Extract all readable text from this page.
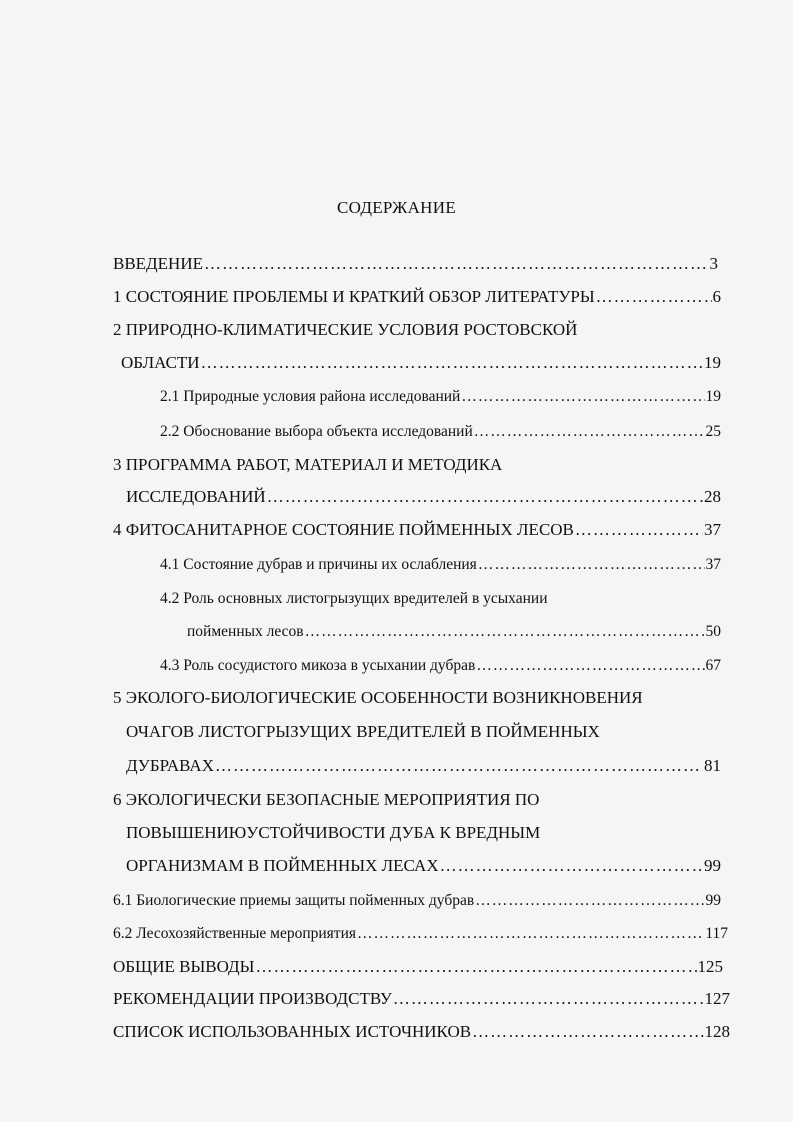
СОДЕРЖАНИЕ
ВВЕДЕНИЕ …………………………………………………………………………………………………………………………………………	3
1 СОСТОЯНИЕ ПРОБЛЕМЫ И КРАТКИЙ ОБЗОР ЛИТЕРАТУРЫ …………………………………………………………………………………………………………………………………………	6
2 ПРИРОДНО-КЛИМАТИЧЕСКИЕ УСЛОВИЯ РОСТОВСКОЙ
ОБЛАСТИ …………………………………………………………………………………………………………………………………………	19
2.1 Природные условия района исследований …………………………………………………………………………………………………………………………………………	19
2.2 Обоснование выбора объекта исследований …………………………………………………………………………………………………………………………………………	25
3 ПРОГРАММА РАБОТ, МАТЕРИАЛ И МЕТОДИКА
ИССЛЕДОВАНИЙ …………………………………………………………………………………………………………………………………………	28
4 ФИТОСАНИТАРНОЕ СОСТОЯНИЕ ПОЙМЕННЫХ ЛЕСОВ …………………………………………………………………………………………………………………………………………	37
4.1 Состояние дубрав и причины их ослабления …………………………………………………………………………………………………………………………………………	37
4.2 Роль основных листогрызущих вредителей в усыхании
пойменных лесов …………………………………………………………………………………………………………………………………………	50
4.3 Роль сосудистого микоза в усыхании дубрав …………………………………………………………………………………………………………………………………………	67
5 ЭКОЛОГО-БИОЛОГИЧЕСКИЕ ОСОБЕННОСТИ ВОЗНИКНОВЕНИЯ
ОЧАГОВ ЛИСТОГРЫЗУЩИХ ВРЕДИТЕЛЕЙ В ПОЙМЕННЫХ
ДУБРАВАХ …………………………………………………………………………………………………………………………………………	81
6 ЭКОЛОГИЧЕСКИ БЕЗОПАСНЫЕ МЕРОПРИЯТИЯ ПО
ПОВЫШЕНИЮУСТОЙЧИВОСТИ ДУБА К ВРЕДНЫМ
ОРГАНИЗМАМ В ПОЙМЕННЫХ ЛЕСАХ …………………………………………………………………………………………………………………………………………	99
6.1 Биологические приемы защиты пойменных дубрав …………………………………………………………………………………………………………………………………………	99
6.2 Лесохозяйственные мероприятия …………………………………………………………………………………………………………………………………………	117
ОБЩИЕ ВЫВОДЫ …………………………………………………………………………………………………………………………………………	125
РЕКОМЕНДАЦИИ ПРОИЗВОДСТВУ …………………………………………………………………………………………………………………………………………	127
СПИСОК ИСПОЛЬЗОВАННЫХ ИСТОЧНИКОВ …………………………………………………………………………………………………………………………………………	128
